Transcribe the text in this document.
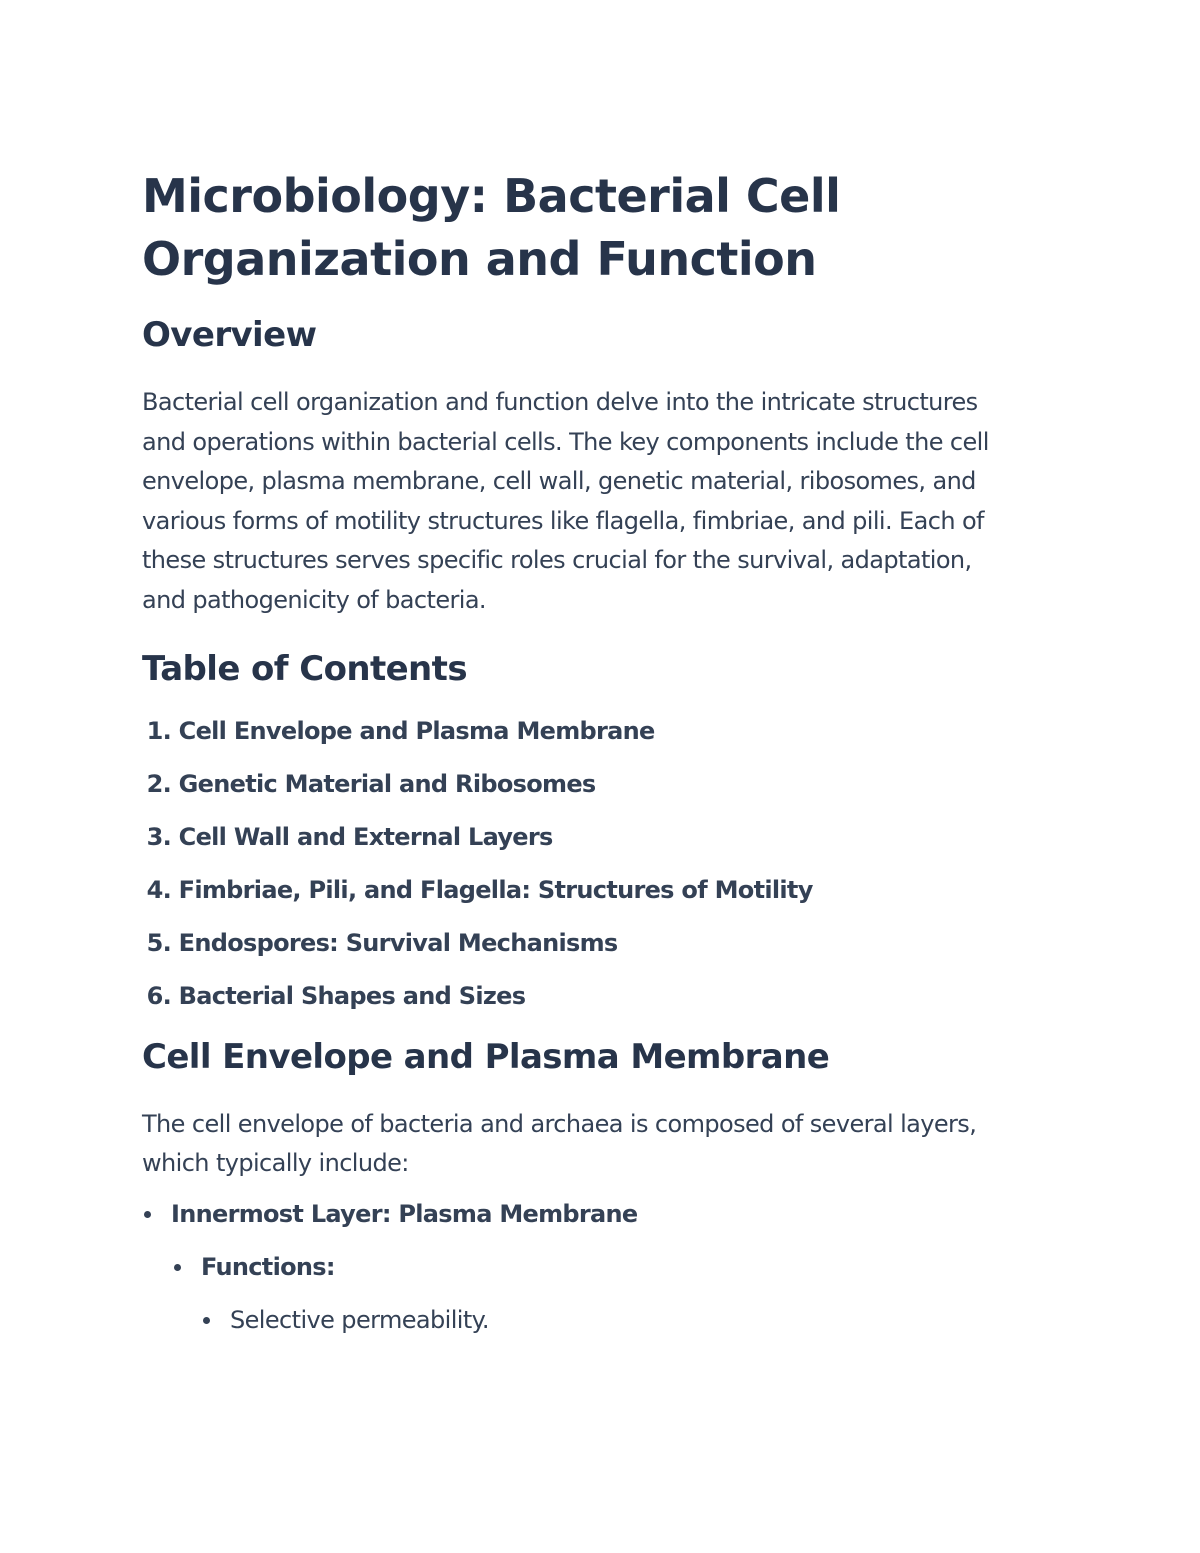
Microbiology: Bacterial Cell
Organization and Function
Overview

Bacterial cell organization and function delve into the intricate structures
and operations within bacterial cells. The key components include the cell
envelope, plasma membrane, cell wall, genetic material, ribosomes, and
various forms of motility structures like flagella, fimbriae, and pili. Each of
these structures serves specific roles crucial for the survival, adaptation,
and pathogenicity of bacteria.

Table of Contents
1.
Cell Envelope and Plasma Membrane
2.
Genetic Material and Ribosomes
3.
Cell Wall and External Layers
4.
Fimbriae, Pili, and Flagella: Structures of Motility
5.
Endospores: Survival Mechanisms
6.
Bacterial Shapes and Sizes
Cell Envelope and Plasma Membrane

The cell envelope of bacteria and archaea is composed of several layers,
which typically include:

Innermost Layer: Plasma Membrane
Functions:
Selective permeability.
